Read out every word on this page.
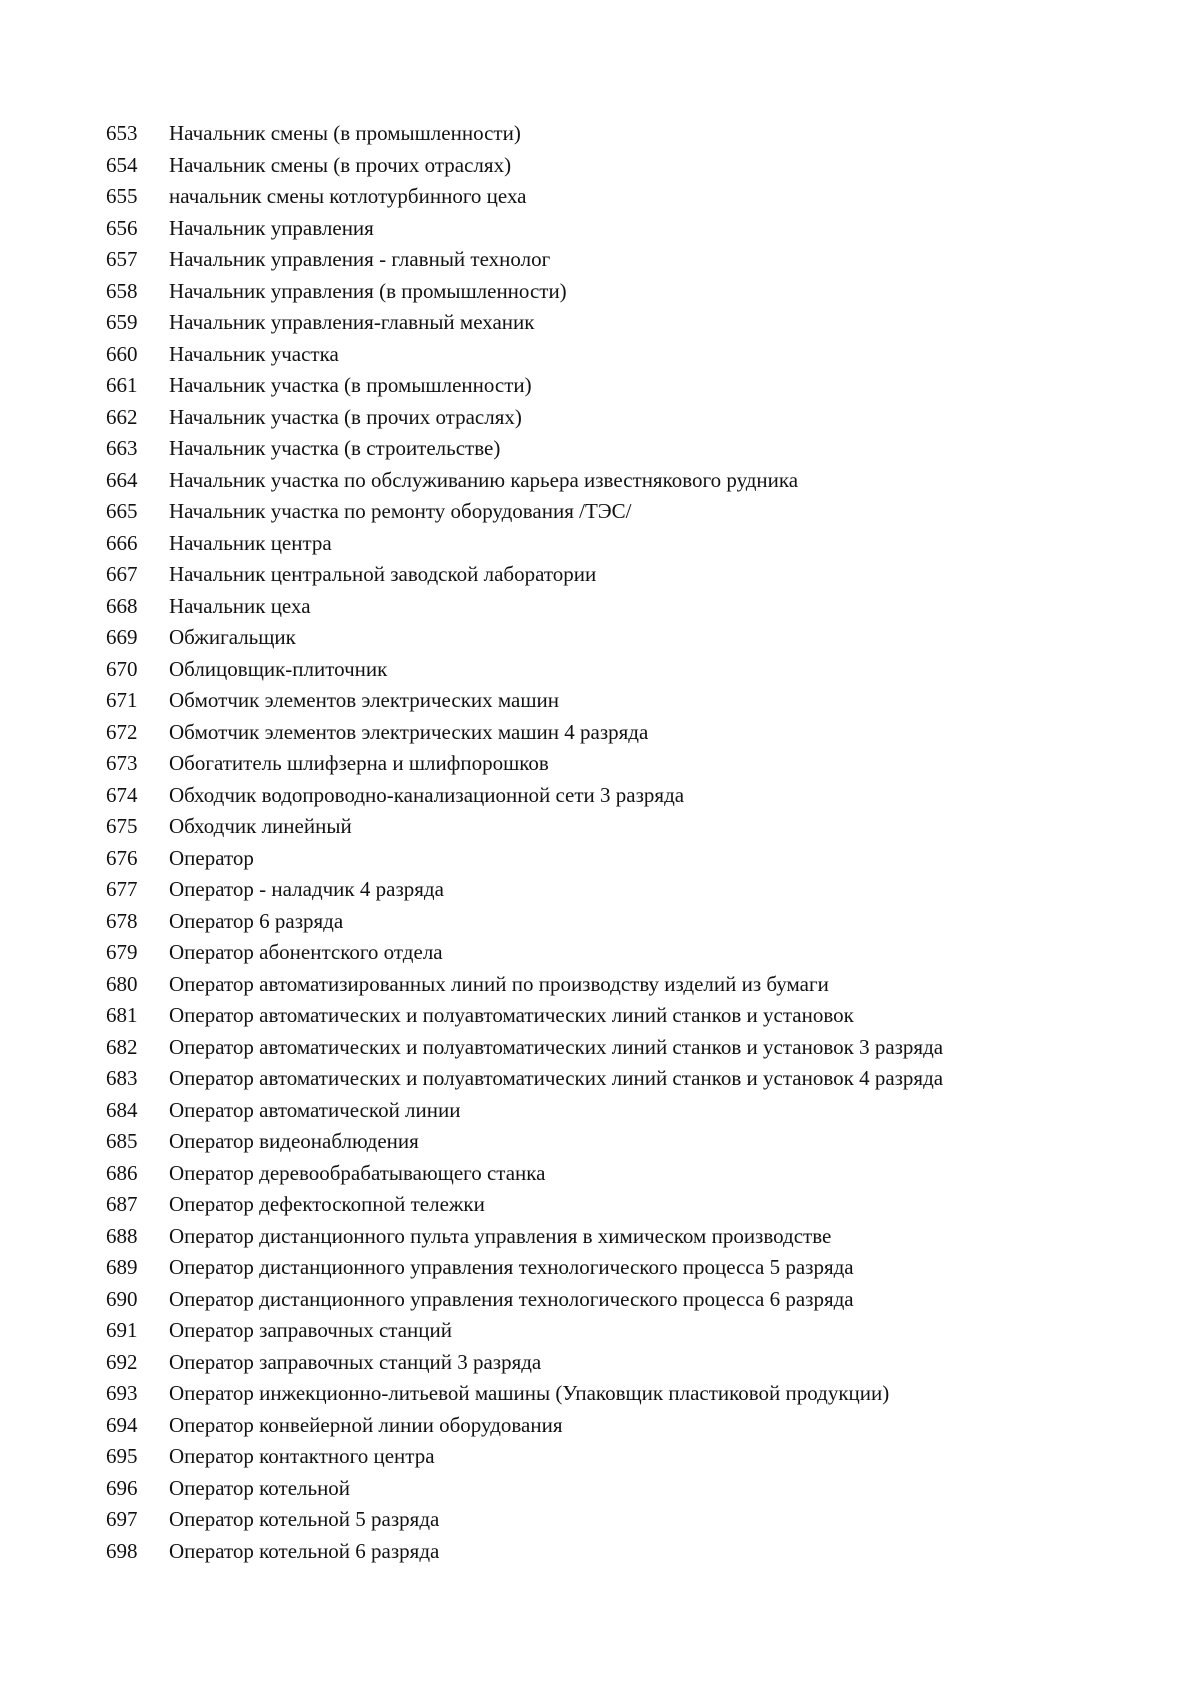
653	Начальник смены (в промышленности)
654	Начальник смены (в прочих отраслях)
655	начальник смены котлотурбинного цеха
656	Начальник управления
657	Начальник управления - главный технолог
658	Начальник управления (в промышленности)
659	Начальник управления-главный механик
660	Начальник участка
661	Начальник участка (в промышленности)
662	Начальник участка (в прочих отраслях)
663	Начальник участка (в строительстве)
664	Начальник участка по обслуживанию карьера известнякового рудника
665	Начальник участка по ремонту оборудования /ТЭС/
666	Начальник центра
667	Начальник центральной заводской лаборатории
668	Начальник цеха
669	Обжигальщик
670	Облицовщик-плиточник
671	Обмотчик элементов электрических машин
672	Обмотчик элементов электрических машин 4 разряда
673	Обогатитель шлифзерна и шлифпорошков
674	Обходчик водопроводно-канализационной сети 3 разряда
675	Обходчик линейный
676	Оператор
677	Оператор - наладчик 4 разряда
678	Оператор 6 разряда
679	Оператор абонентского отдела
680	Оператор автоматизированных линий по производству изделий из бумаги
681	Оператор автоматических и полуавтоматических линий станков и установок
682	Оператор автоматических и полуавтоматических линий станков и установок 3 разряда
683	Оператор автоматических и полуавтоматических линий станков и установок 4 разряда
684	Оператор автоматической линии
685	Оператор видеонаблюдения
686	Оператор деревообрабатывающего станка
687	Оператор дефектоскопной тележки
688	Оператор дистанционного пульта управления в химическом производстве
689	Оператор дистанционного управления технологического процесса 5 разряда
690	Оператор дистанционного управления технологического процесса 6 разряда
691	Оператор заправочных станций
692	Оператор заправочных станций 3 разряда
693	Оператор инжекционно-литьевой машины (Упаковщик пластиковой продукции)
694	Оператор конвейерной линии оборудования
695	Оператор контактного центра
696	Оператор котельной
697	Оператор котельной 5 разряда
698	Оператор котельной 6 разряда
